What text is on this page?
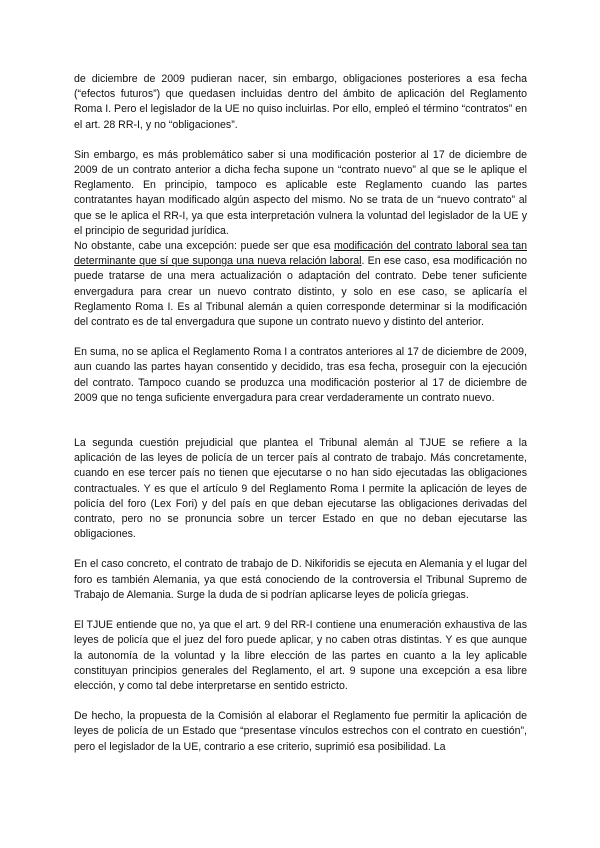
de diciembre de 2009 pudieran nacer, sin embargo, obligaciones posteriores a esa fecha (“efectos futuros”) que quedasen incluidas dentro del ámbito de aplicación del Reglamento Roma I. Pero el legislador de la UE no quiso incluirlas. Por ello, empleó el término “contratos” en el art. 28 RR-I, y no “obligaciones”.

Sin embargo, es más problemático saber si una modificación posterior al 17 de diciembre de 2009 de un contrato anterior a dicha fecha supone un “contrato nuevo” al que se le aplique el Reglamento. En principio, tampoco es aplicable este Reglamento cuando las partes contratantes hayan modificado algún aspecto del mismo. No se trata de un “nuevo contrato” al que se le aplica el RR-I, ya que esta interpretación vulnera la voluntad del legislador de la UE y el principio de seguridad jurídica.

No obstante, cabe una excepción: puede ser que esa modificación del contrato laboral sea tan determinante que sí que suponga una nueva relación laboral. En ese caso, esa modificación no puede tratarse de una mera actualización o adaptación del contrato. Debe tener suficiente envergadura para crear un nuevo contrato distinto, y solo en ese caso, se aplicaría el Reglamento Roma I. Es al Tribunal alemán a quien corresponde determinar si la modificación del contrato es de tal envergadura que supone un contrato nuevo y distinto del anterior.

En suma, no se aplica el Reglamento Roma I a contratos anteriores al 17 de diciembre de 2009, aun cuando las partes hayan consentido y decidido, tras esa fecha, proseguir con la ejecución del contrato. Tampoco cuando se produzca una modificación posterior al 17 de diciembre de 2009 que no tenga suficiente envergadura para crear verdaderamente un contrato nuevo.

La segunda cuestión prejudicial que plantea el Tribunal alemán al TJUE se refiere a la aplicación de las leyes de policía de un tercer país al contrato de trabajo. Más concretamente, cuando en ese tercer país no tienen que ejecutarse o no han sido ejecutadas las obligaciones contractuales. Y es que el artículo 9 del Reglamento Roma I permite la aplicación de leyes de policía del foro (Lex Fori) y del país en que deban ejecutarse las obligaciones derivadas del contrato, pero no se pronuncia sobre un tercer Estado en que no deban ejecutarse las obligaciones.

En el caso concreto, el contrato de trabajo de D. Nikiforidis se ejecuta en Alemania y el lugar del foro es también Alemania, ya que está conociendo de la controversia el Tribunal Supremo de Trabajo de Alemania. Surge la duda de si podrían aplicarse leyes de policía griegas.

El TJUE entiende que no, ya que el art. 9 del RR-I contiene una enumeración exhaustiva de las leyes de policía que el juez del foro puede aplicar, y no caben otras distintas. Y es que aunque la autonomía de la voluntad y la libre elección de las partes en cuanto a la ley aplicable constituyan principios generales del Reglamento, el art. 9 supone una excepción a esa libre elección, y como tal debe interpretarse en sentido estricto.

De hecho, la propuesta de la Comisión al elaborar el Reglamento fue permitir la aplicación de leyes de policía de un Estado que “presentase vínculos estrechos con el contrato en cuestión”, pero el legislador de la UE, contrario a ese criterio, suprimió esa posibilidad. La
